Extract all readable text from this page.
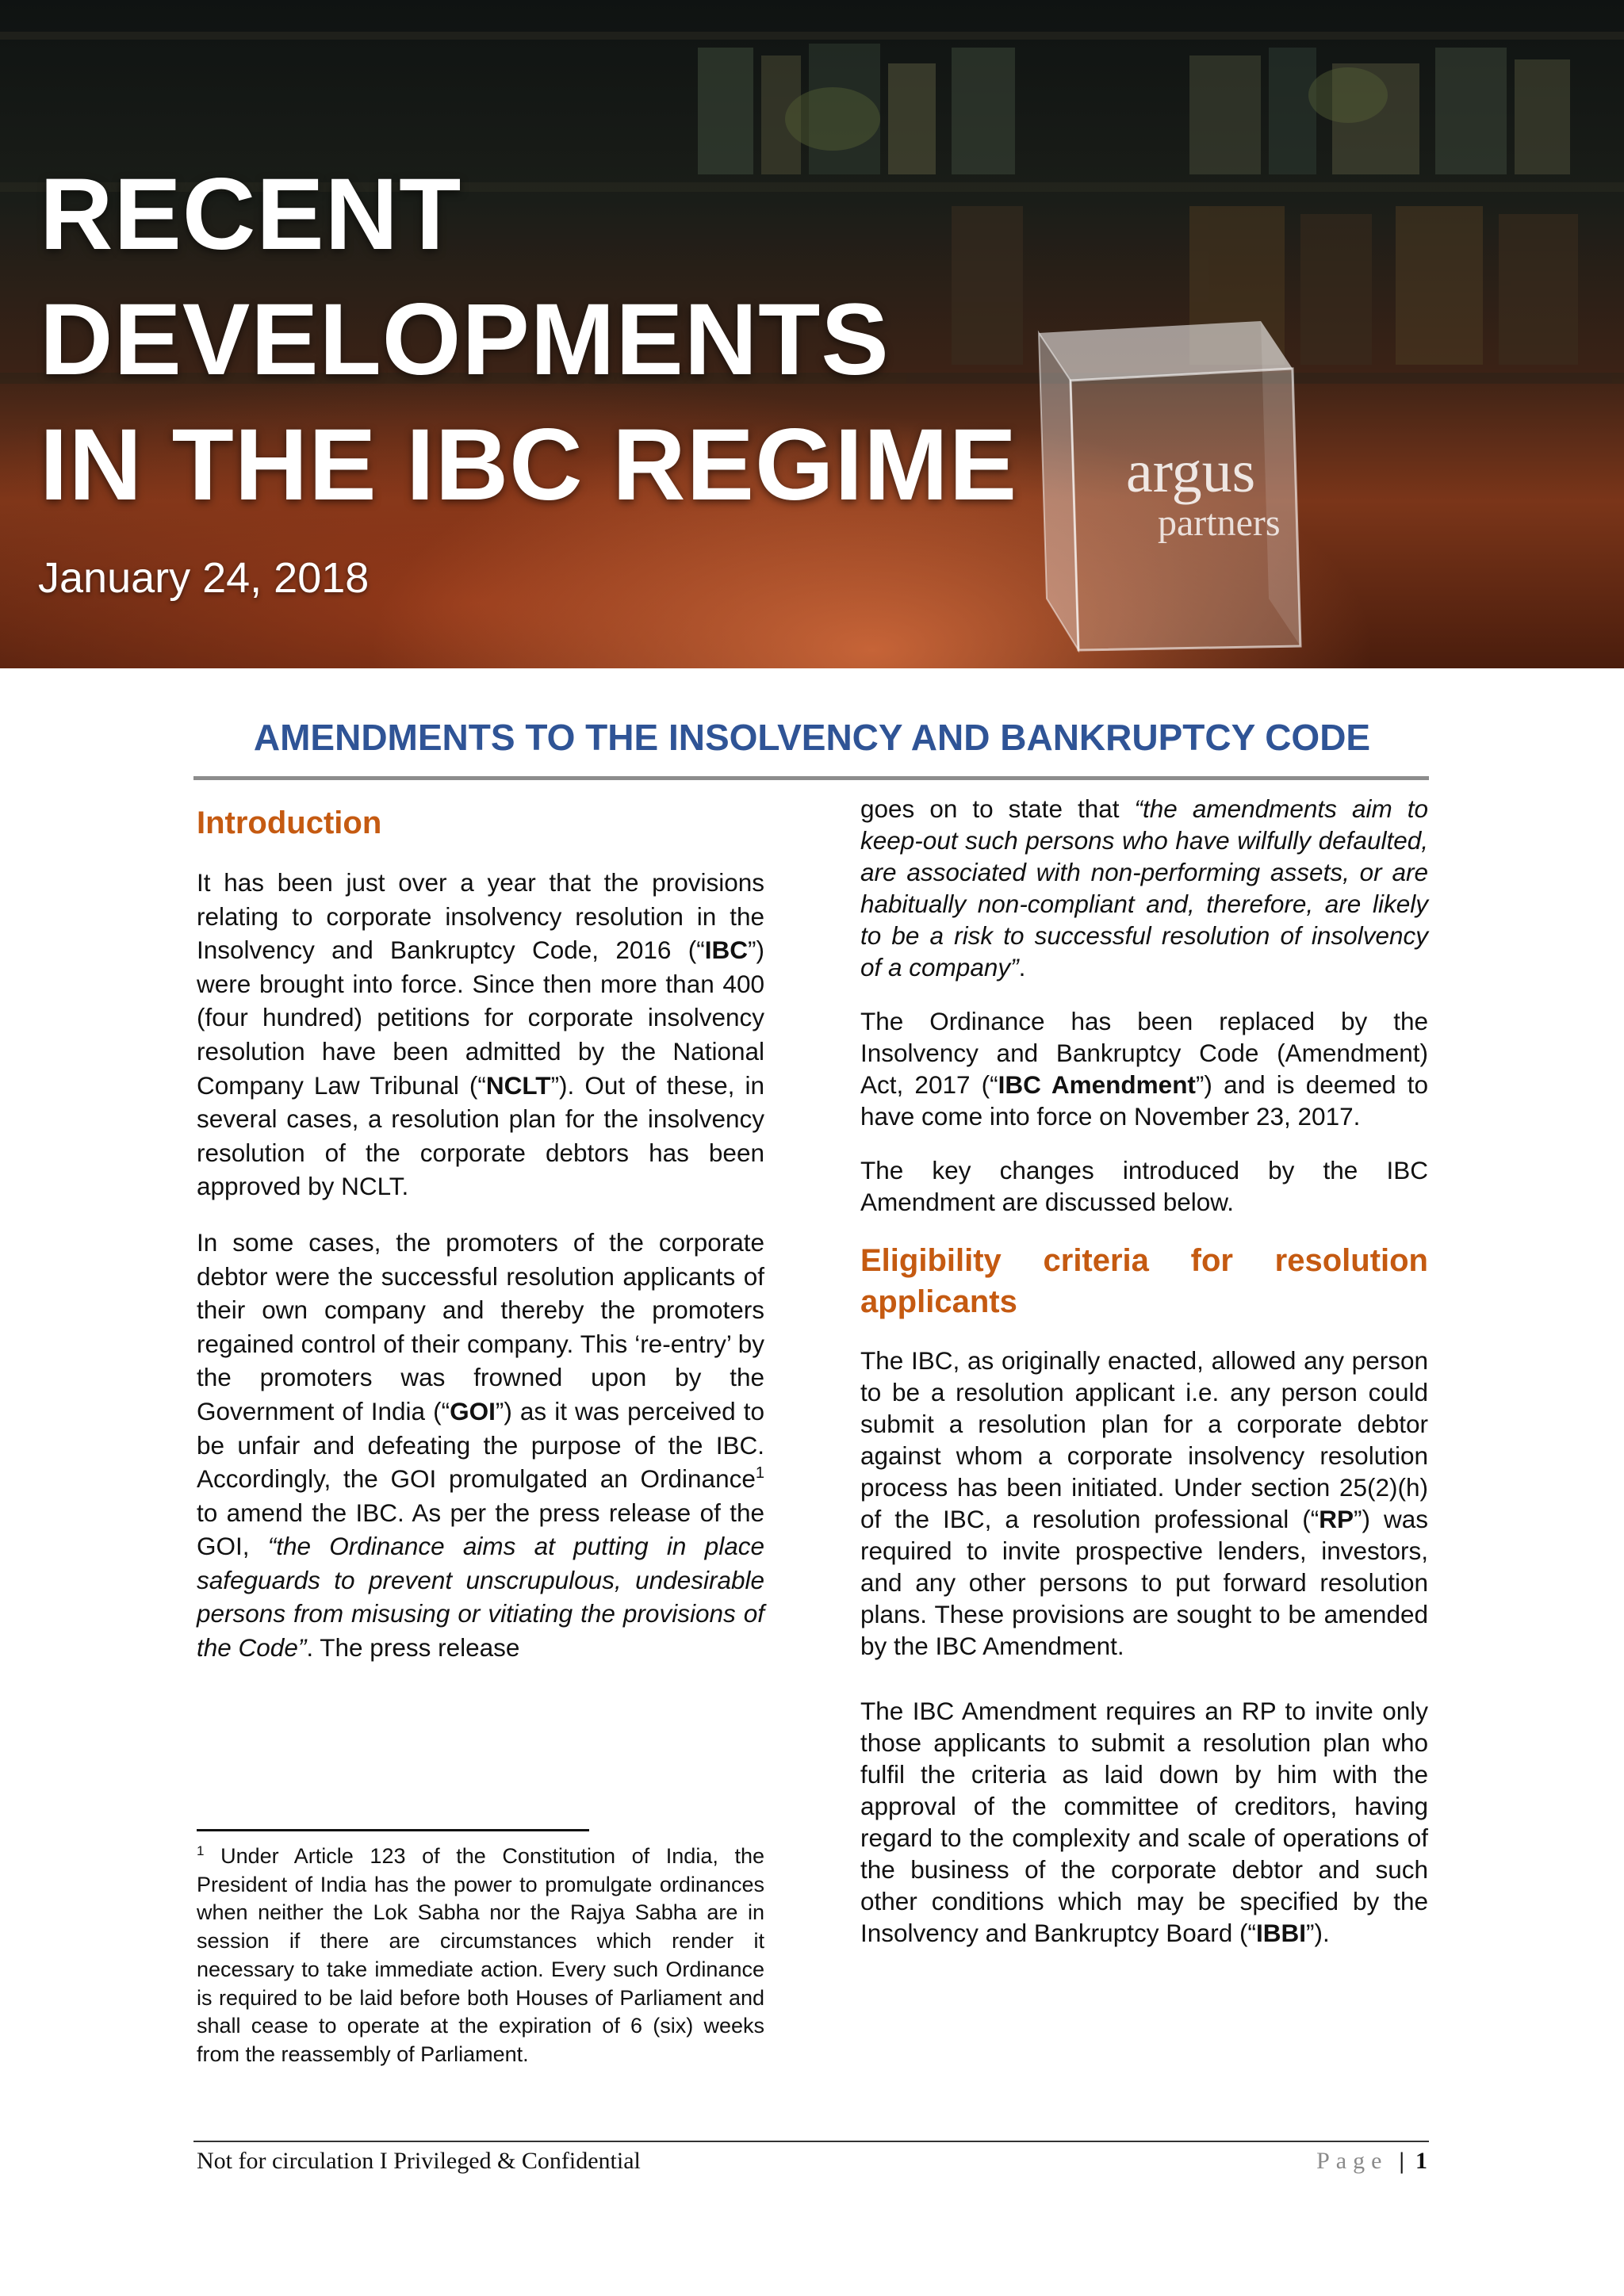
argus
partners
RECENT
DEVELOPMENTS
IN THE IBC REGIME
January 24, 2018
AMENDMENTS TO THE INSOLVENCY AND BANKRUPTCY CODE
Introduction

It has been just over a year that the provisions relating to corporate insolvency resolution in the Insolvency and Bankruptcy Code, 2016 (“IBC”) were brought into force. Since then more than 400 (four hundred) petitions for corporate insolvency resolution have been admitted by the National Company Law Tribunal (“NCLT”). Out of these, in several cases, a resolution plan for the insolvency resolution of the corporate debtors has been approved by NCLT.

In some cases, the promoters of the corporate debtor were the successful resolution applicants of their own company and thereby the promoters regained control of their company. This ‘re-entry’ by the promoters was frowned upon by the Government of India (“GOI”) as it was perceived to be unfair and defeating the purpose of the IBC. Accordingly, the GOI promulgated an Ordinance$^1$ to amend the IBC. As per the press release of the GOI, “the Ordinance aims at putting in place safeguards to prevent unscrupulous, undesirable persons from misusing or vitiating the provisions of the Code”. The press release

$^1$ Under Article 123 of the Constitution of India, the President of India has the power to promulgate ordinances when neither the Lok Sabha nor the Rajya Sabha are in session if there are circumstances which render it necessary to take immediate action. Every such Ordinance is required to be laid before both Houses of Parliament and shall cease to operate at the expiration of 6 (six) weeks from the reassembly of Parliament.

goes on to state that “the amendments aim to keep-out such persons who have wilfully defaulted, are associated with non-performing assets, or are habitually non-compliant and, therefore, are likely to be a risk to successful resolution of insolvency of a company”.

The Ordinance has been replaced by the Insolvency and Bankruptcy Code (Amendment) Act, 2017 (“IBC Amendment”) and is deemed to have come into force on November 23, 2017.

The key changes introduced by the IBC Amendment are discussed below.

Eligibility criteria for resolution applicants

The IBC, as originally enacted, allowed any person to be a resolution applicant i.e. any person could submit a resolution plan for a corporate debtor against whom a corporate insolvency resolution process has been initiated. Under section 25(2)(h) of the IBC, a resolution professional (“RP”) was required to invite prospective lenders, investors, and any other persons to put forward resolution plans. These provisions are sought to be amended by the IBC Amendment.

The IBC Amendment requires an RP to invite only those applicants to submit a resolution plan who fulfil the criteria as laid down by him with the approval of the committee of creditors, having regard to the complexity and scale of operations of the business of the corporate debtor and such other conditions which may be specified by the Insolvency and Bankruptcy Board (“IBBI”).

Not for circulation I Privileged & Confidential	Page | 1
